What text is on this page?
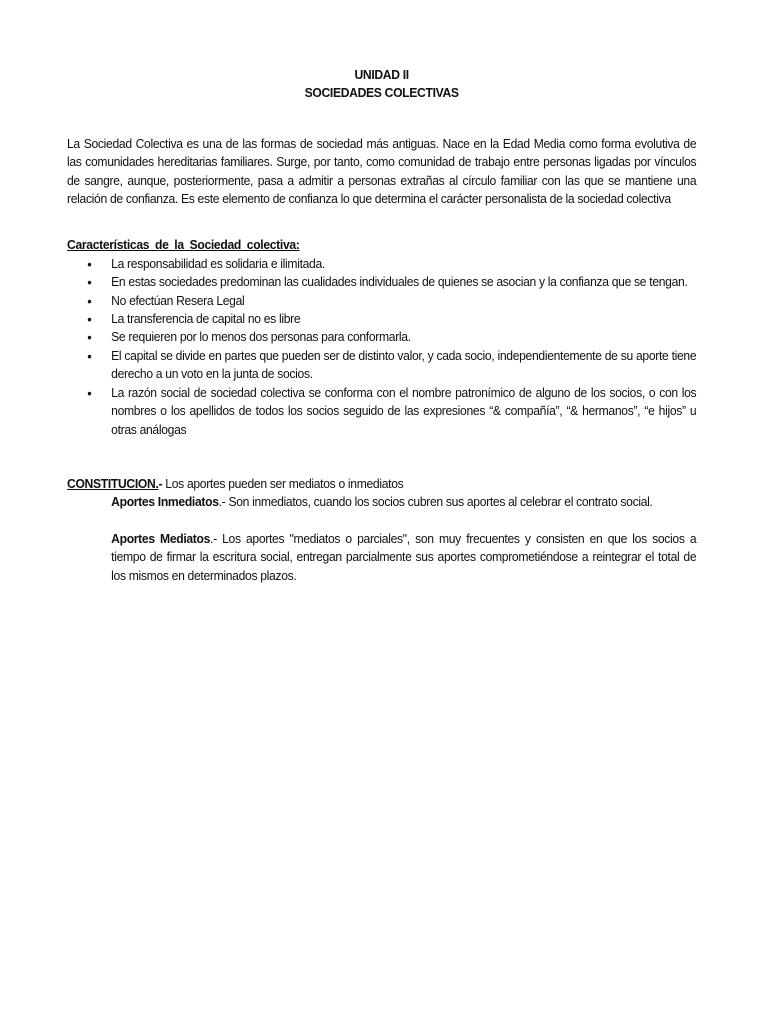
UNIDAD II

SOCIEDADES COLECTIVAS

La Sociedad Colectiva es una de las formas de sociedad más antiguas. Nace en la Edad Media como forma evolutiva de las comunidades hereditarias familiares. Surge, por tanto, como comunidad de trabajo entre personas ligadas por vínculos de sangre, aunque, posteriormente, pasa a admitir a personas extrañas al círculo familiar con las que se mantiene una relación de confianza. Es este elemento de confianza lo que determina el carácter personalista de la sociedad colectiva
Características de la Sociedad colectiva:
• La responsabilidad es solidaria e ilimitada.
• En estas sociedades predominan las cualidades individuales de quienes se asocian y la confianza que se tengan.
• No efectúan Resera Legal
• La transferencia de capital no es libre
• Se requieren por lo menos dos personas para conformarla.
• El capital se divide en partes que pueden ser de distinto valor, y cada socio, independientemente de su aporte tiene derecho a un voto en la junta de socios.
• La razón social de sociedad colectiva se conforma con el nombre patronímico de alguno de los socios, o con los nombres o los apellidos de todos los socios seguido de las expresiones “& compañía”, “& hermanos”, “e hijos” u otras análogas
CONSTITUCION.- Los aportes pueden ser mediatos o inmediatos
Aportes Inmediatos.- Son inmediatos, cuando los socios cubren sus aportes al celebrar el contrato social.
Aportes Mediatos.- Los aportes "mediatos o parciales", son muy frecuentes y consisten en que los socios a tiempo de firmar la escritura social, entregan parcialmente sus aportes comprometiéndose a reintegrar el total de los mismos en determinados plazos.
